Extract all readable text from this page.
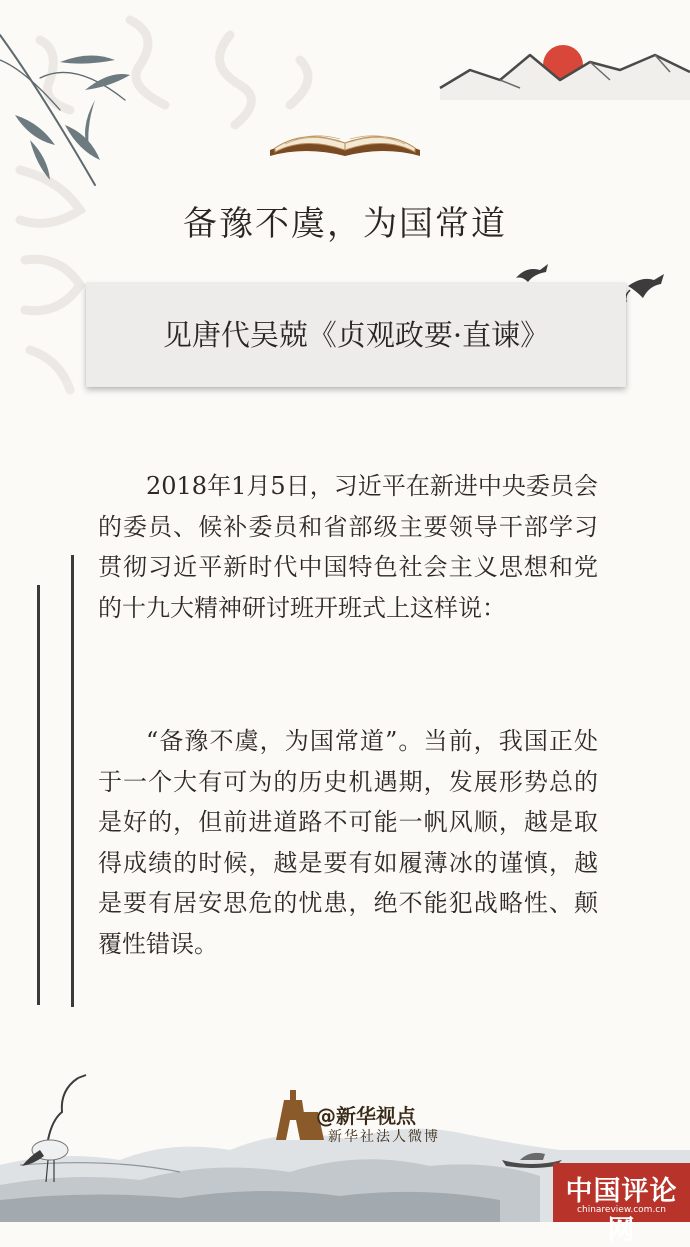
备豫不虞，为国常道
见唐代吴兢《贞观政要·直谏》

2018年1月5日，习近平在新进中央委员会的委员、候补委员和省部级主要领导干部学习贯彻习近平新时代中国特色社会主义思想和党的十九大精神研讨班开班式上这样说：

“备豫不虞，为国常道”。当前，我国正处于一个大有可为的历史机遇期，发展形势总的是好的，但前进道路不可能一帆风顺，越是取得成绩的时候，越是要有如履薄冰的谨慎，越是要有居安思危的忧患，绝不能犯战略性、颠覆性错误。

@新华视点
新华社法人微博
中国评论网
chinareview.com.cn
